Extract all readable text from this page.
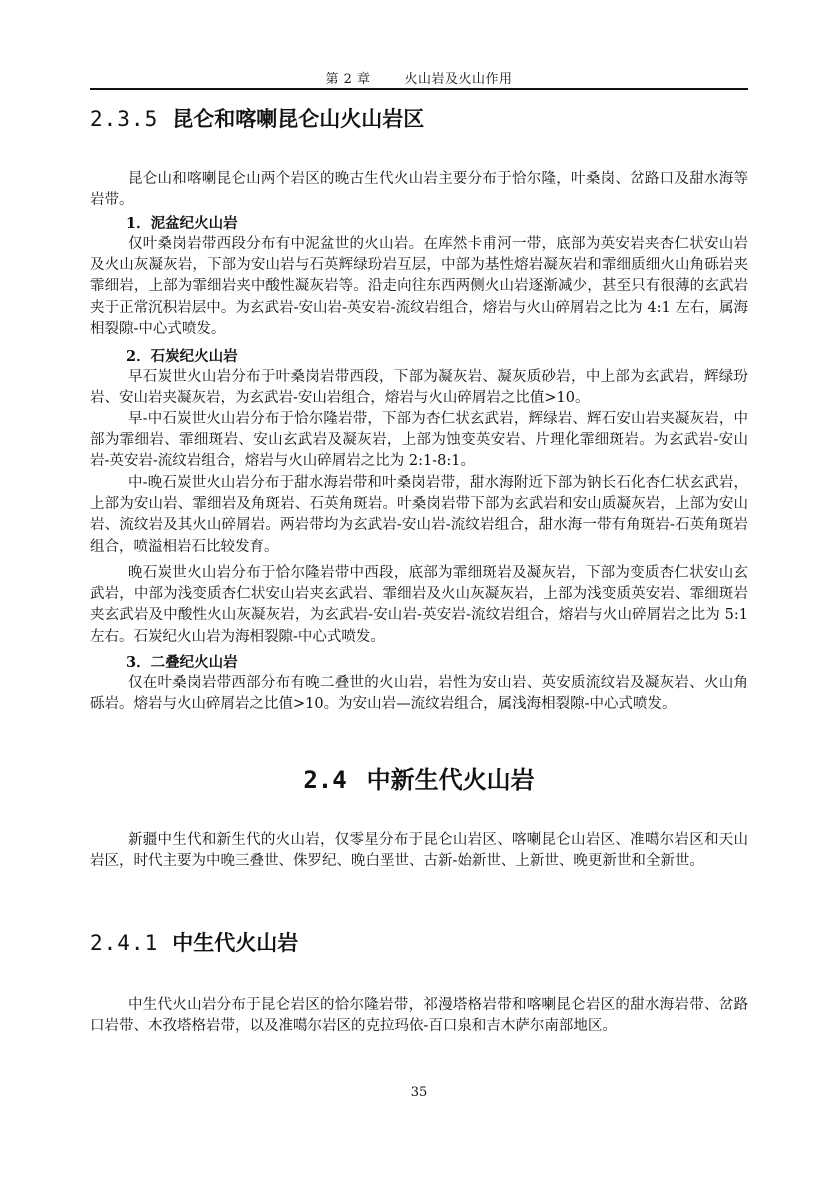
第 2 章	火山岩及火山作用
2.3.5 昆仑和喀喇昆仑山火山岩区
昆仑山和喀喇昆仑山两个岩区的晚古生代火山岩主要分布于恰尔隆，叶桑岗、岔路口及甜水海等岩带。
1．泥盆纪火山岩
仅叶桑岗岩带西段分布有中泥盆世的火山岩。在库然卡甫河一带，底部为英安岩夹杏仁状安山岩及火山灰凝灰岩，下部为安山岩与石英辉绿玢岩互层，中部为基性熔岩凝灰岩和霏细质细火山角砾岩夹霏细岩，上部为霏细岩夹中酸性凝灰岩等。沿走向往东西两侧火山岩逐渐减少，甚至只有很薄的玄武岩夹于正常沉积岩层中。为玄武岩-安山岩-英安岩-流纹岩组合，熔岩与火山碎屑岩之比为 4:1 左右，属海相裂隙-中心式喷发。
2．石炭纪火山岩
早石炭世火山岩分布于叶桑岗岩带西段，下部为凝灰岩、凝灰质砂岩，中上部为玄武岩，辉绿玢岩、安山岩夹凝灰岩，为玄武岩-安山岩组合，熔岩与火山碎屑岩之比值>10。
早-中石炭世火山岩分布于恰尔隆岩带，下部为杏仁状玄武岩，辉绿岩、辉石安山岩夹凝灰岩，中部为霏细岩、霏细斑岩、安山玄武岩及凝灰岩，上部为蚀变英安岩、片理化霏细斑岩。为玄武岩-安山岩-英安岩-流纹岩组合，熔岩与火山碎屑岩之比为 2:1-8:1。
中-晚石炭世火山岩分布于甜水海岩带和叶桑岗岩带，甜水海附近下部为钠长石化杏仁状玄武岩，上部为安山岩、霏细岩及角斑岩、石英角斑岩。叶桑岗岩带下部为玄武岩和安山质凝灰岩，上部为安山岩、流纹岩及其火山碎屑岩。两岩带均为玄武岩-安山岩-流纹岩组合，甜水海一带有角斑岩-石英角斑岩组合，喷溢相岩石比较发育。
晚石炭世火山岩分布于恰尔隆岩带中西段，底部为霏细斑岩及凝灰岩，下部为变质杏仁状安山玄武岩，中部为浅变质杏仁状安山岩夹玄武岩、霏细岩及火山灰凝灰岩，上部为浅变质英安岩、霏细斑岩夹玄武岩及中酸性火山灰凝灰岩，为玄武岩-安山岩-英安岩-流纹岩组合，熔岩与火山碎屑岩之比为 5:1 左右。石炭纪火山岩为海相裂隙-中心式喷发。
3．二叠纪火山岩
仅在叶桑岗岩带西部分布有晚二叠世的火山岩，岩性为安山岩、英安质流纹岩及凝灰岩、火山角砾岩。熔岩与火山碎屑岩之比值>10。为安山岩—流纹岩组合，属浅海相裂隙-中心式喷发。
2.4 中新生代火山岩
新疆中生代和新生代的火山岩，仅零星分布于昆仑山岩区、喀喇昆仑山岩区、准噶尔岩区和天山岩区，时代主要为中晚三叠世、侏罗纪、晚白垩世、古新-始新世、上新世、晚更新世和全新世。
2.4.1 中生代火山岩
中生代火山岩分布于昆仑岩区的恰尔隆岩带，祁漫塔格岩带和喀喇昆仑岩区的甜水海岩带、岔路口岩带、木孜塔格岩带，以及准噶尔岩区的克拉玛依-百口泉和吉木萨尔南部地区。
35
